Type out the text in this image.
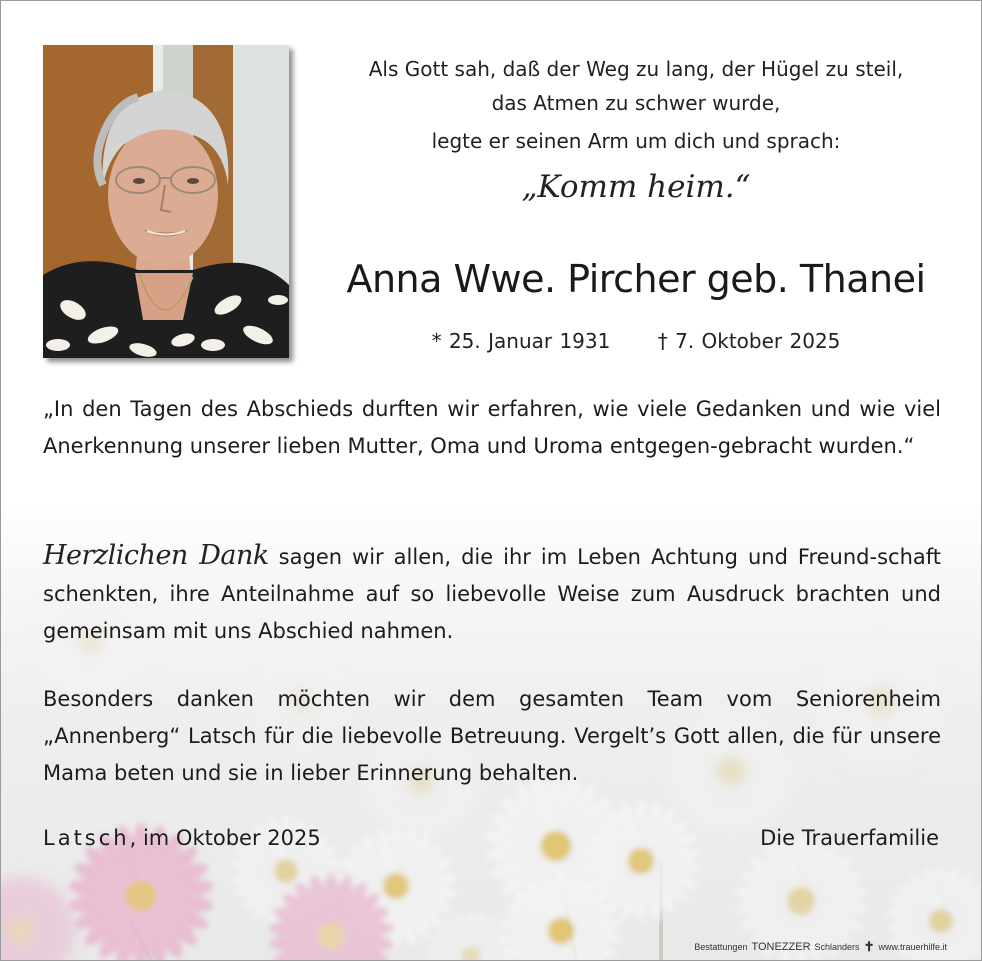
Als Gott sah, daß der Weg zu lang, der Hügel zu steil,
das Atmen zu schwer wurde,
legte er seinen Arm um dich und sprach:
„Komm heim.“
Anna Wwe. Pircher geb. Thanei
* 25. Januar 1931 † 7. Oktober 2025
„In den Tagen des Abschieds durften wir erfahren, wie viele Gedanken und wie viel Anerkennung unserer lieben Mutter, Oma und Uroma entgegen-gebracht wurden.“
Herzlichen Dank sagen wir allen, die ihr im Leben Achtung und Freund-schaft schenkten, ihre Anteilnahme auf so liebevolle Weise zum Ausdruck brachten und gemeinsam mit uns Abschied nahmen.
Besonders danken möchten wir dem gesamten Team vom Seniorenheim „Annenberg“ Latsch für die liebevolle Betreuung. Vergelt’s Gott allen, die für unsere Mama beten und sie in lieber Erinnerung behalten.
Latsch, im Oktober 2025	Die Trauerfamilie
Bestattungen TONEZZER Schlanders ✝ www.trauerhilfe.it
